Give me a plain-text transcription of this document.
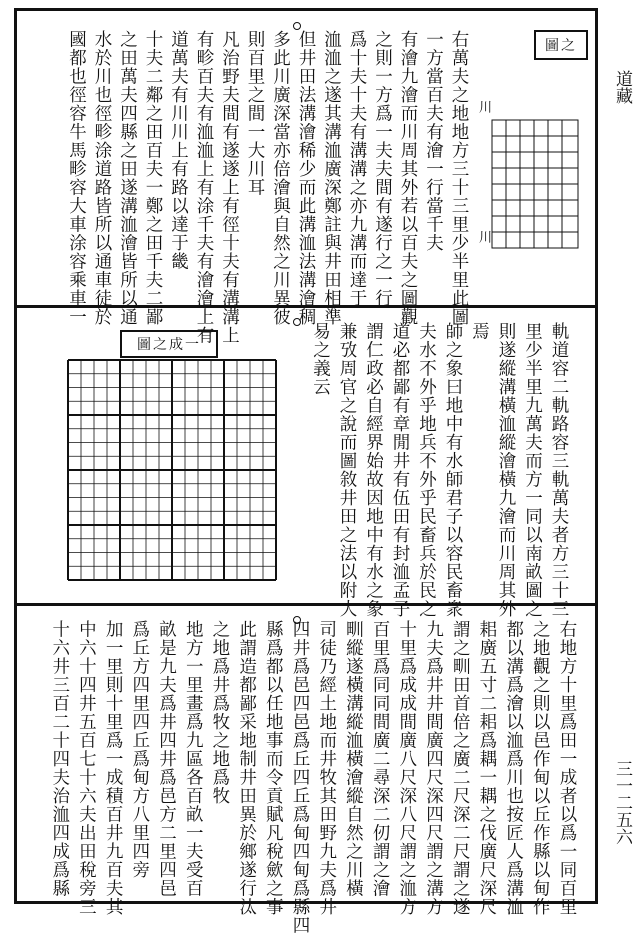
道藏
三一二五六
右萬夫之地地方三十三里少半里此圖
一方當百夫有澮一行當千夫
有澮九澮而川周其外若以百夫之圖觀
之則一方爲一夫夫間有遂行之一行
爲十夫十夫有溝溝之亦九溝而達于
洫洫之遂其溝洫廣深鄭註與井田相準
但井田法溝澮稀少而此溝洫法溝澮稠
多此川廣深當亦倍澮與自然之川異彼
則百里之間一大川耳
凡治野夫間有遂遂上有徑十夫有溝溝上
有畛百夫有洫洫上有涂千夫有澮澮上有
道萬夫有川川上有路以達于畿
十夫二鄰之田百夫一鄭之田千夫二鄙
之田萬夫四縣之田遂溝洫澮皆所以通
水於川也徑畛涂道路皆所以通車徒於
國都也徑容牛馬畛容大車涂容乘車一	圖之
川
川
軌道容二軌路容三軌萬夫者方三十三
里少半里九萬夫而方一同以南畝圖之
則遂縱溝橫洫縱澮橫九澮而川周其外
焉
師之象曰地中有水師君子以容民畜衆
夫水不外乎地兵不外乎民畜兵於民之
道必都鄙有章閒井有伍田有封洫孟子
謂仁政必自經界始故因地中有水之象
兼攷周官之說而圖敘井田之法以附大
易之義云
圖之成一
右地方十里爲田一成者以爲一同百里
之地觀之則以邑作甸以丘作縣以甸作
都以溝爲澮以洫爲川也按匠人爲溝洫
耜廣五寸二耜爲耦一耦之伐廣尺深尺
謂之甽田首倍之廣二尺深二尺謂之遂
九夫爲井井間廣四尺深四尺謂之溝方
十里爲成成間廣八尺深八尺謂之洫方
百里爲同同間廣二尋深二仞謂之澮
甽縱遂橫溝縱洫橫澮縱自然之川橫
司徒乃經土地而井牧其田野九夫爲井
四井爲邑四邑爲丘四丘爲甸四甸爲縣四
縣爲都以任地事而令貢賦凡稅歛之事
此謂造都鄙采地制井田異於鄉遂行汰
之地爲井爲牧之地爲牧
地方一里畫爲九區各百畝一夫受百
畝是九夫爲井四井爲邑方二里四邑
爲丘方四里四丘爲甸方八里四旁
加一里則十里爲一成積百井九百夫其
中六十四井五百七十六夫出田稅旁三
十六井三百二十四夫治洫四成爲縣
